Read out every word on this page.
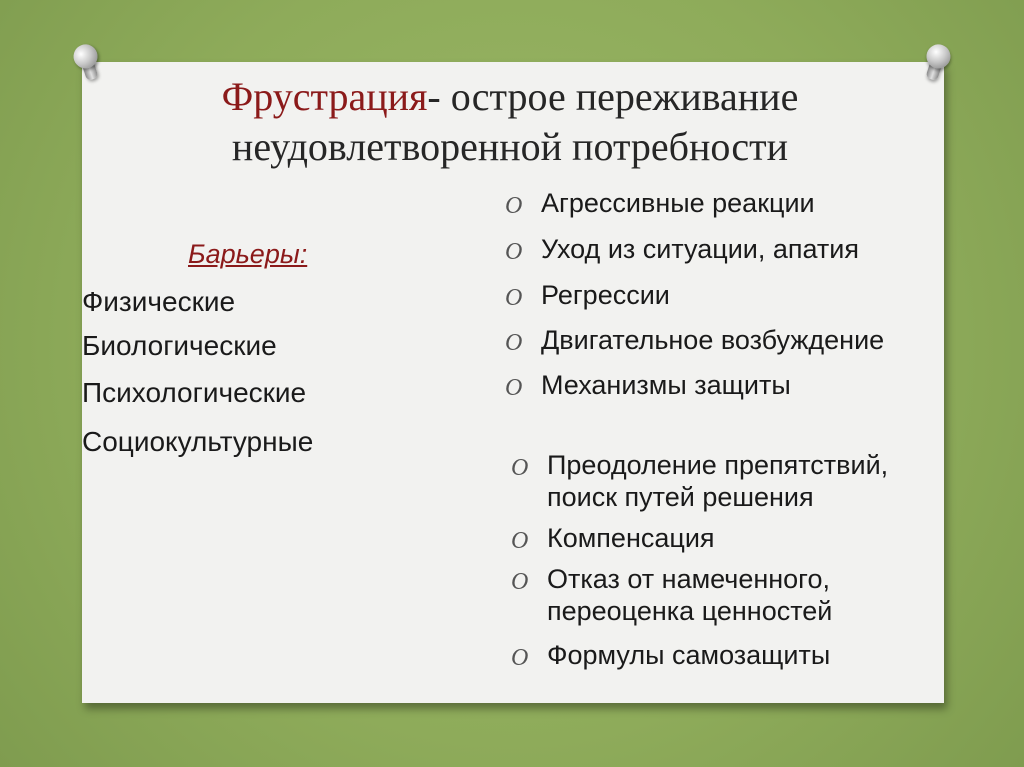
Фрустрация- острое переживание
неудовлетворенной потребности
Барьеры:
Физические
Биологические
Психологические
Социокультурные
O Агрессивные реакции
O Уход из ситуации, апатия
O Регрессии
O Двигательное возбуждение
O Механизмы защиты
O Преодоление препятствий,
поиск путей решения
O Компенсация
O Отказ от намеченного,
переоценка ценностей
O Формулы самозащиты
